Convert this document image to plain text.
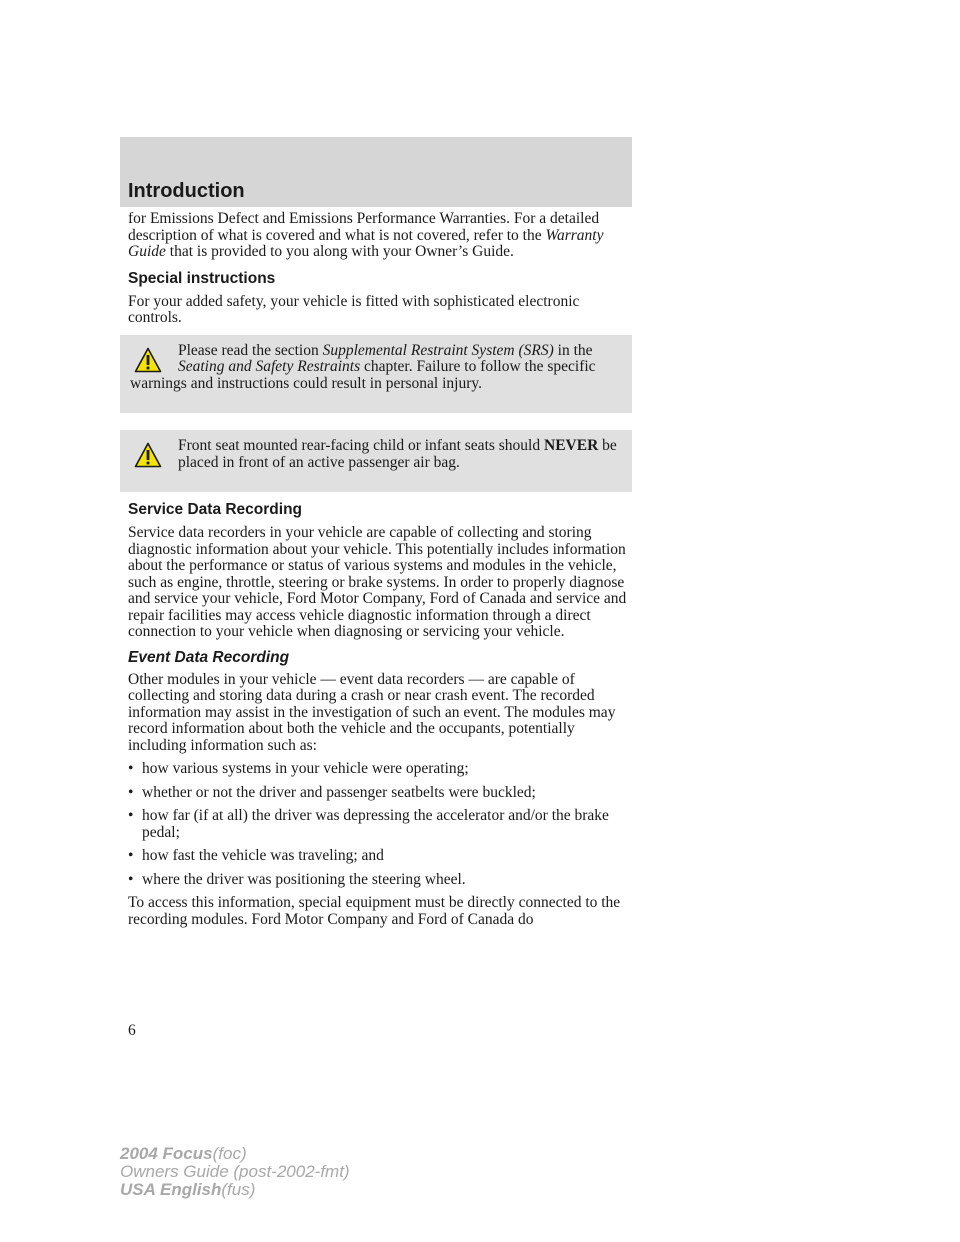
Introduction

for Emissions Defect and Emissions Performance Warranties. For a detailed description of what is covered and what is not covered, refer to the Warranty Guide that is provided to you along with your Owner’s Guide.

Special instructions

For your added safety, your vehicle is fitted with sophisticated electronic controls.

Please read the section Supplemental Restraint System (SRS) in the Seating and Safety Restraints chapter. Failure to follow the specific warnings and instructions could result in personal injury.

Front seat mounted rear-facing child or infant seats should NEVER be placed in front of an active passenger air bag.

Service Data Recording

Service data recorders in your vehicle are capable of collecting and storing diagnostic information about your vehicle. This potentially includes information about the performance or status of various systems and modules in the vehicle, such as engine, throttle, steering or brake systems. In order to properly diagnose and service your vehicle, Ford Motor Company, Ford of Canada and service and repair facilities may access vehicle diagnostic information through a direct connection to your vehicle when diagnosing or servicing your vehicle.

Event Data Recording

Other modules in your vehicle — event data recorders — are capable of collecting and storing data during a crash or near crash event. The recorded information may assist in the investigation of such an event. The modules may record information about both the vehicle and the occupants, potentially including information such as:

• how various systems in your vehicle were operating;
• whether or not the driver and passenger seatbelts were buckled;
• how far (if at all) the driver was depressing the accelerator and/or the brake pedal;
• how fast the vehicle was traveling; and
• where the driver was positioning the steering wheel.

To access this information, special equipment must be directly connected to the recording modules. Ford Motor Company and Ford of Canada do

6

2004 Focus(foc)
Owners Guide (post-2002-fmt)
USA English(fus)
